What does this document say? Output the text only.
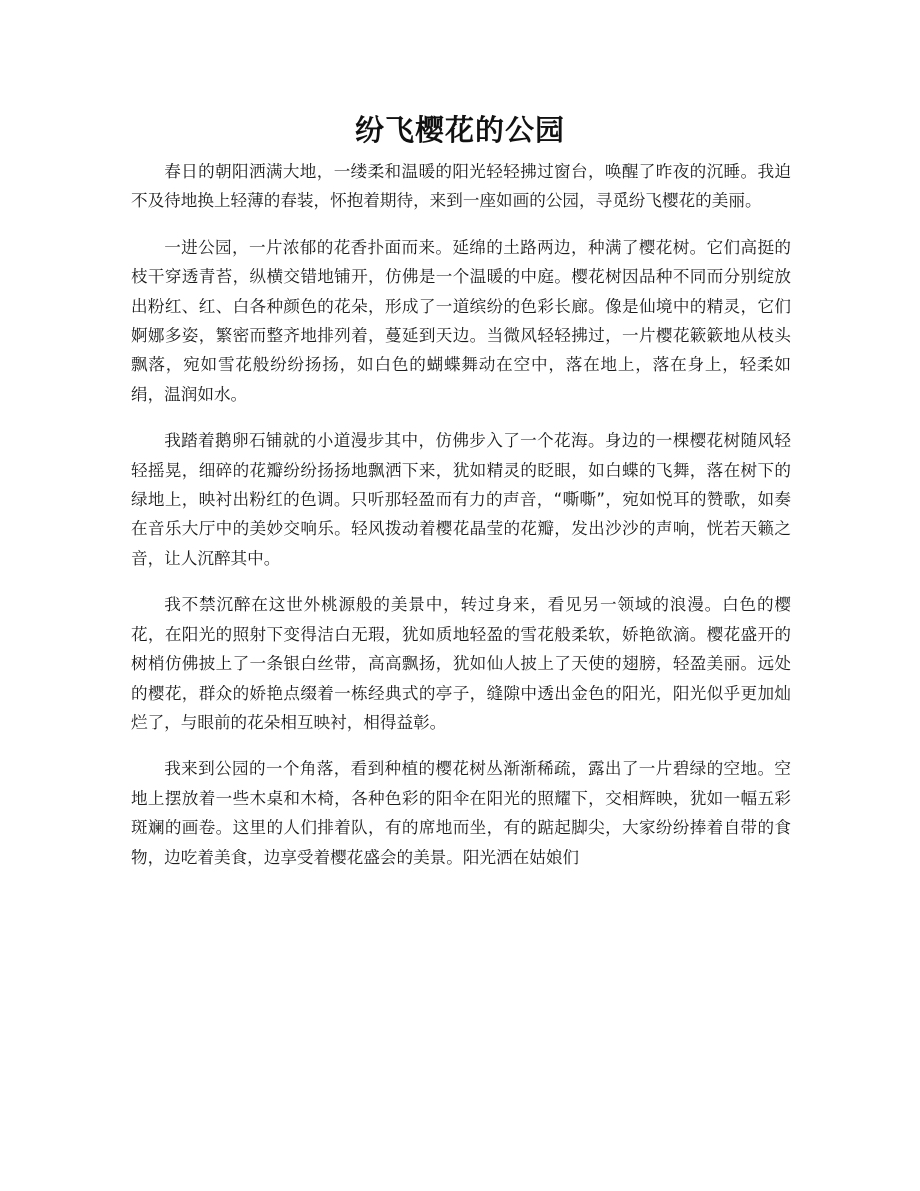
纷飞樱花的公园

春日的朝阳洒满大地，一缕柔和温暖的阳光轻轻拂过窗台，唤醒了昨夜的沉睡。我迫不及待地换上轻薄的春装，怀抱着期待，来到一座如画的公园，寻觅纷飞樱花的美丽。

一进公园，一片浓郁的花香扑面而来。延绵的土路两边，种满了樱花树。它们高挺的枝干穿透青苔，纵横交错地铺开，仿佛是一个温暖的中庭。樱花树因品种不同而分别绽放出粉红、红、白各种颜色的花朵，形成了一道缤纷的色彩长廊。像是仙境中的精灵，它们婀娜多姿，繁密而整齐地排列着，蔓延到天边。当微风轻轻拂过，一片樱花簌簌地从枝头飘落，宛如雪花般纷纷扬扬，如白色的蝴蝶舞动在空中，落在地上，落在身上，轻柔如绢，温润如水。

我踏着鹅卵石铺就的小道漫步其中，仿佛步入了一个花海。身边的一棵樱花树随风轻轻摇晃，细碎的花瓣纷纷扬扬地飘洒下来，犹如精灵的眨眼，如白蝶的飞舞，落在树下的绿地上，映衬出粉红的色调。只听那轻盈而有力的声音，“嘶嘶”，宛如悦耳的赞歌，如奏在音乐大厅中的美妙交响乐。轻风拨动着樱花晶莹的花瓣，发出沙沙的声响，恍若天籁之音，让人沉醉其中。

我不禁沉醉在这世外桃源般的美景中，转过身来，看见另一领域的浪漫。白色的樱花，在阳光的照射下变得洁白无瑕，犹如质地轻盈的雪花般柔软，娇艳欲滴。樱花盛开的树梢仿佛披上了一条银白丝带，高高飘扬，犹如仙人披上了天使的翅膀，轻盈美丽。远处的樱花，群众的娇艳点缀着一栋经典式的亭子，缝隙中透出金色的阳光，阳光似乎更加灿烂了，与眼前的花朵相互映衬，相得益彰。

我来到公园的一个角落，看到种植的樱花树丛渐渐稀疏，露出了一片碧绿的空地。空地上摆放着一些木桌和木椅，各种色彩的阳伞在阳光的照耀下，交相辉映，犹如一幅五彩斑斓的画卷。这里的人们排着队，有的席地而坐，有的踮起脚尖，大家纷纷捧着自带的食物，边吃着美食，边享受着樱花盛会的美景。阳光洒在姑娘们
